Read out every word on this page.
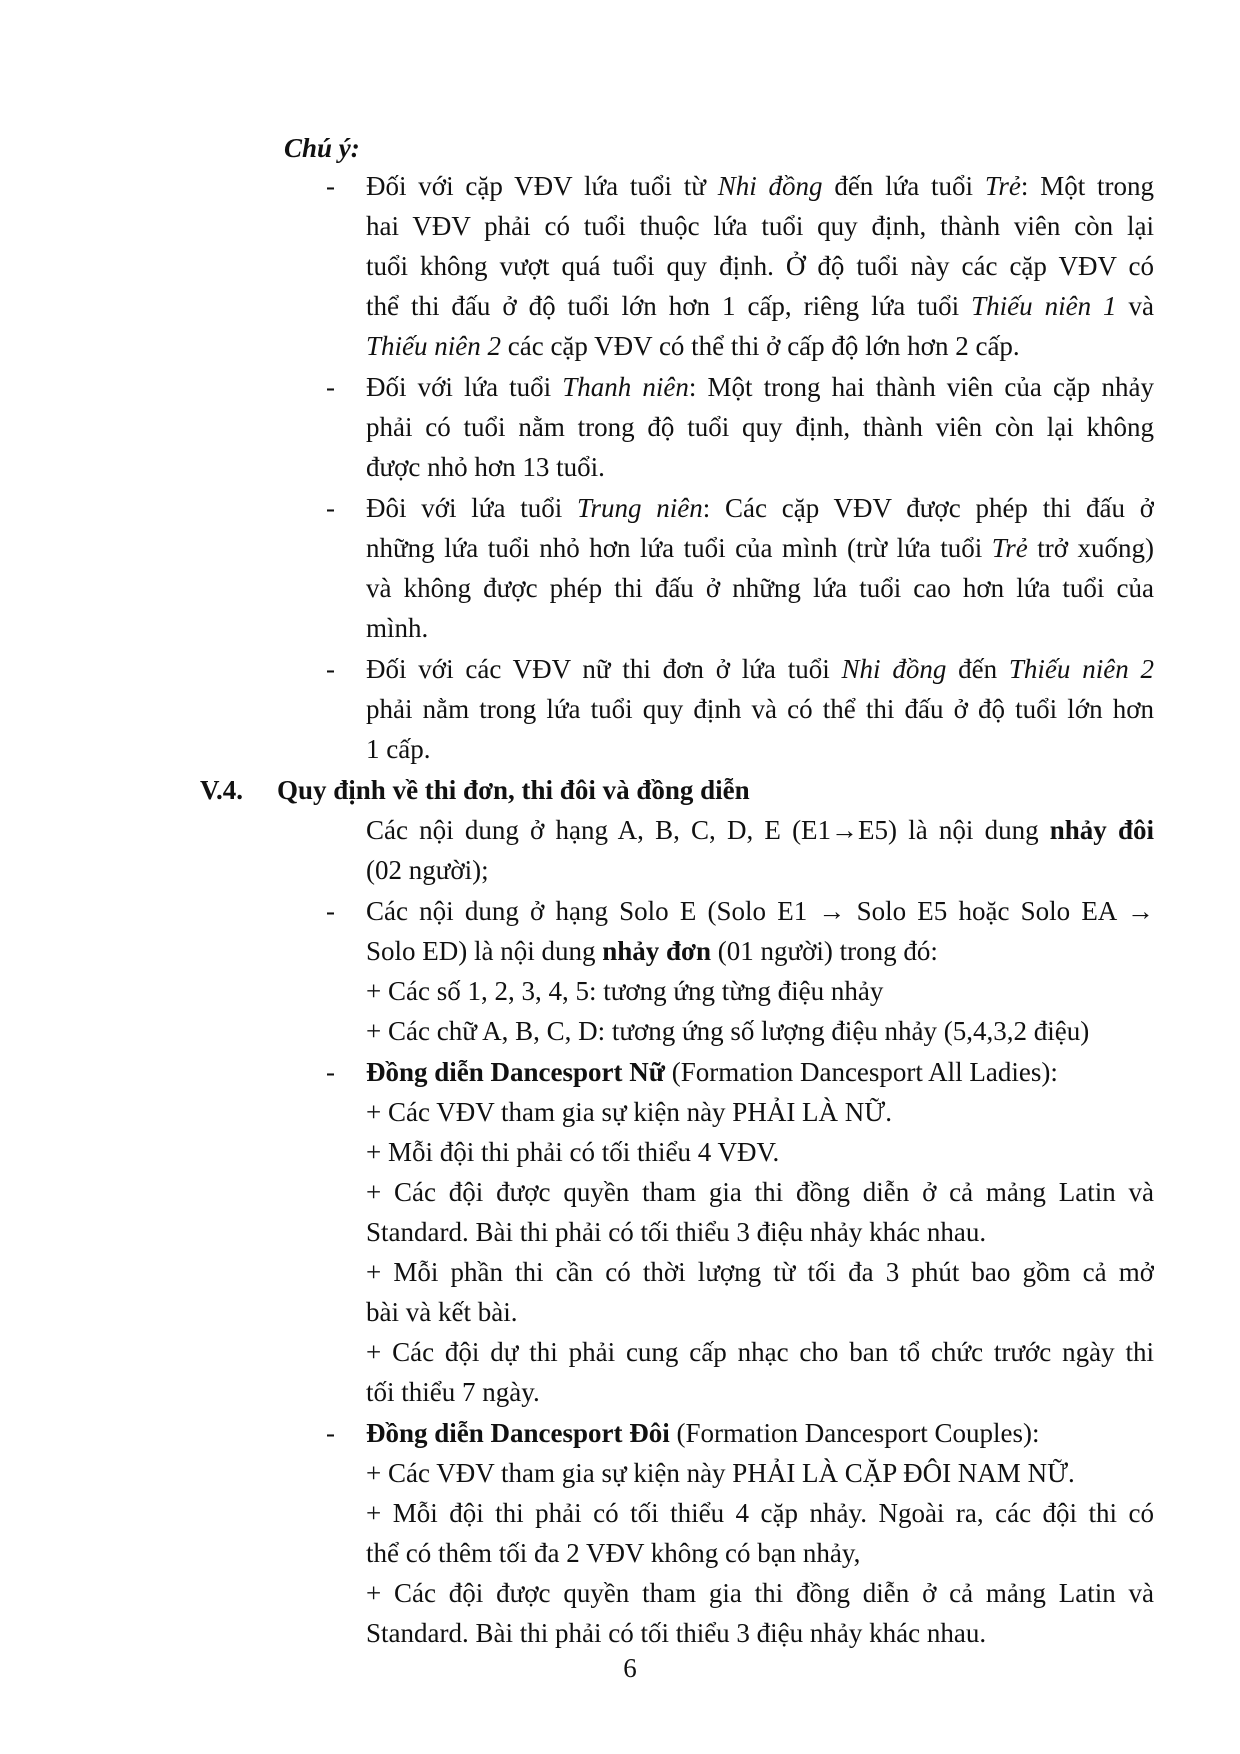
Chú ý:
- Đối với cặp VĐV lứa tuổi từ Nhi đồng đến lứa tuổi Trẻ: Một trong
hai VĐV phải có tuổi thuộc lứa tuổi quy định, thành viên còn lại
tuổi không vượt quá tuổi quy định. Ở độ tuổi này các cặp VĐV có
thể thi đấu ở độ tuổi lớn hơn 1 cấp, riêng lứa tuổi Thiếu niên 1 và
Thiếu niên 2 các cặp VĐV có thể thi ở cấp độ lớn hơn 2 cấp.
- Đối với lứa tuổi Thanh niên: Một trong hai thành viên của cặp nhảy
phải có tuổi nằm trong độ tuổi quy định, thành viên còn lại không
được nhỏ hơn 13 tuổi.
- Đôi với lứa tuổi Trung niên: Các cặp VĐV được phép thi đấu ở
những lứa tuổi nhỏ hơn lứa tuổi của mình (trừ lứa tuổi Trẻ trở xuống)
và không được phép thi đấu ở những lứa tuổi cao hơn lứa tuổi của
mình.
- Đối với các VĐV nữ thi đơn ở lứa tuổi Nhi đồng đến Thiếu niên 2
phải nằm trong lứa tuổi quy định và có thể thi đấu ở độ tuổi lớn hơn
1 cấp.
V.4. Quy định về thi đơn, thi đôi và đồng diễn
Các nội dung ở hạng A, B, C, D, E (E1→E5) là nội dung nhảy đôi
(02 người);
- Các nội dung ở hạng Solo E (Solo E1 → Solo E5 hoặc Solo EA →
Solo ED) là nội dung nhảy đơn (01 người) trong đó:
+ Các số 1, 2, 3, 4, 5: tương ứng từng điệu nhảy
+ Các chữ A, B, C, D: tương ứng số lượng điệu nhảy (5,4,3,2 điệu)
- Đồng diễn Dancesport Nữ (Formation Dancesport All Ladies):
+ Các VĐV tham gia sự kiện này PHẢI LÀ NỮ.
+ Mỗi đội thi phải có tối thiểu 4 VĐV.
+ Các đội được quyền tham gia thi đồng diễn ở cả mảng Latin và
Standard. Bài thi phải có tối thiểu 3 điệu nhảy khác nhau.
+ Mỗi phần thi cần có thời lượng từ tối đa 3 phút bao gồm cả mở
bài và kết bài.
+ Các đội dự thi phải cung cấp nhạc cho ban tổ chức trước ngày thi
tối thiểu 7 ngày.
- Đồng diễn Dancesport Đôi (Formation Dancesport Couples):
+ Các VĐV tham gia sự kiện này PHẢI LÀ CẶP ĐÔI NAM NỮ.
+ Mỗi đội thi phải có tối thiểu 4 cặp nhảy. Ngoài ra, các đội thi có
thể có thêm tối đa 2 VĐV không có bạn nhảy,
+ Các đội được quyền tham gia thi đồng diễn ở cả mảng Latin và
Standard. Bài thi phải có tối thiểu 3 điệu nhảy khác nhau.
6
